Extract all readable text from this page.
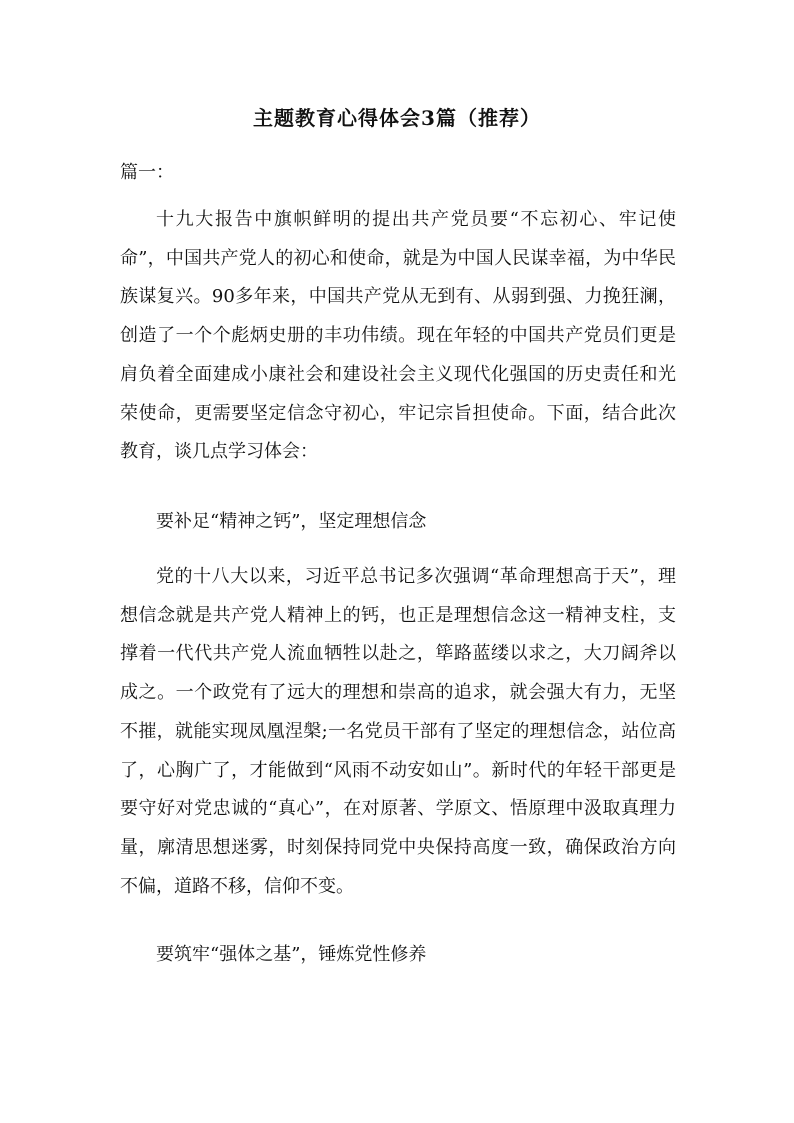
主题教育心得体会3篇（推荐）
篇一：

十九大报告中旗帜鲜明的提出共产党员要“不忘初心、牢记使命”，中国共产党人的初心和使命，就是为中国人民谋幸福，为中华民族谋复兴。90多年来，中国共产党从无到有、从弱到强、力挽狂澜，创造了一个个彪炳史册的丰功伟绩。现在年轻的中国共产党员们更是肩负着全面建成小康社会和建设社会主义现代化强国的历史责任和光荣使命，更需要坚定信念守初心，牢记宗旨担使命。下面，结合此次教育，谈几点学习体会：

要补足“精神之钙”，坚定理想信念

党的十八大以来，习近平总书记多次强调“革命理想高于天”，理想信念就是共产党人精神上的钙，也正是理想信念这一精神支柱，支撑着一代代共产党人流血牺牲以赴之，筚路蓝缕以求之，大刀阔斧以成之。一个政党有了远大的理想和崇高的追求，就会强大有力，无坚不摧，就能实现凤凰涅槃;一名党员干部有了坚定的理想信念，站位高了，心胸广了，才能做到“风雨不动安如山”。新时代的年轻干部更是要守好对党忠诚的“真心”，在对原著、学原文、悟原理中汲取真理力量，廓清思想迷雾，时刻保持同党中央保持高度一致，确保政治方向不偏，道路不移，信仰不变。

要筑牢“强体之基”，锤炼党性修养
